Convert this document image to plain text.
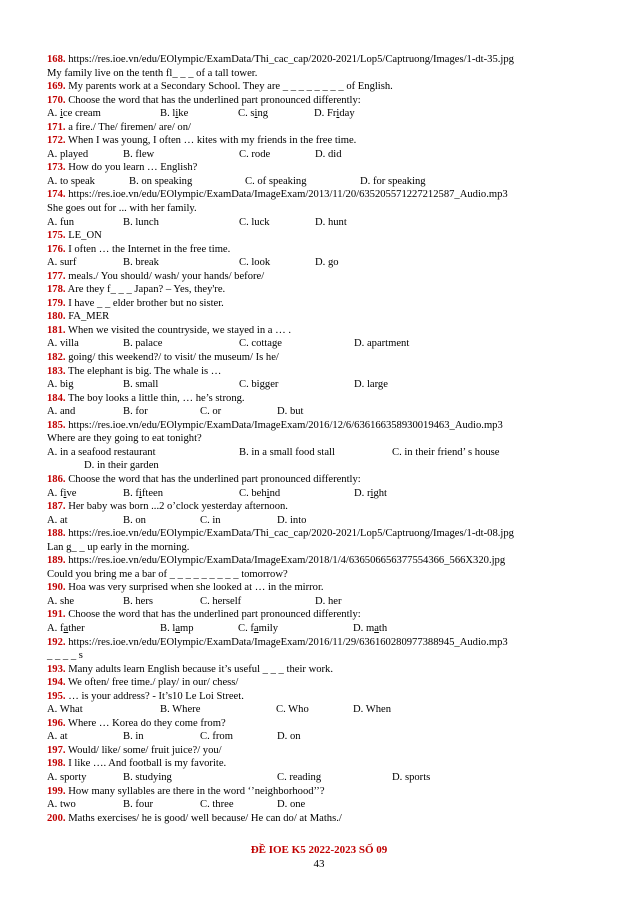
168. https://res.ioe.vn/edu/EOlympic/ExamData/Thi_cac_cap/2020-2021/Lop5/Captruong/Images/1-dt-35.jpg
My family live on the tenth fl_ _ _ of a tall tower.
169. My parents work at a Secondary School. They are _ _ _ _ _ _ _ _ of English.
170. Choose the word that has the underlined part pronounced differently:
A. ice cream	B. like	C. sing	D. Friday
171. a fire./ The/ firemen/ are/ on/
172. When I was young, I often … kites with my friends in the free time.
A. played	B. flew	C. rode	D. did
173. How do you learn … English?
A. to speak	B. on speaking	C. of speaking	D. for speaking
174. https://res.ioe.vn/edu/EOlympic/ExamData/ImageExam/2013/11/20/635205571227212587_Audio.mp3
She goes out for ... with her family.
A. fun	B. lunch	C. luck	D. hunt
175. LE_ON
176. I often … the Internet in the free time.
A. surf	B. break	C. look	D. go
177. meals./ You should/ wash/ your hands/ before/
178. Are they f_ _ _ Japan? – Yes, they're.
179. I have _ _ elder brother but no sister.
180. FA_MER
181. When we visited the countryside, we stayed in a … .
A. villa	B. palace	C. cottage	D. apartment
182. going/ this weekend?/ to visit/ the museum/ Is he/
183. The elephant is big. The whale is …
A. big	B. small	C. bigger	D. large
184. The boy looks a little thin, … he’s strong.
A. and	B. for	C. or	D. but
185. https://res.ioe.vn/edu/EOlympic/ExamData/ImageExam/2016/12/6/636166358930019463_Audio.mp3
Where are they going to eat tonight?
A. in a seafood restaurant	B. in a small food stall	C. in their friend’ s house
D. in their garden
186. Choose the word that has the underlined part pronounced differently:
A. five	B. fifteen	C. behind	D. right
187. Her baby was born ...2 o’clock yesterday afternoon.
A. at	B. on	C. in	D. into
188. https://res.ioe.vn/edu/EOlympic/ExamData/Thi_cac_cap/2020-2021/Lop5/Captruong/Images/1-dt-08.jpg
Lan g_ _ up early in the morning.
189. https://res.ioe.vn/edu/EOlympic/ExamData/ImageExam/2018/1/4/636506656377554366_566X320.jpg
Could you bring me a bar of _ _ _ _ _ _ _ _ _ tomorrow?
190. Hoa was very surprised when she looked at … in the mirror.
A. she	B. hers	C. herself	D. her
191. Choose the word that has the underlined part pronounced differently:
A. father	B. lamp	C. family	D. math
192. https://res.ioe.vn/edu/EOlympic/ExamData/ImageExam/2016/11/29/636160280977388945_Audio.mp3
_ _ _ _ s
193. Many adults learn English because it’s useful _ _ _ their work.
194. We often/ free time./ play/ in our/ chess/
195. … is your address? - It’s10 Le Loi Street.
A. What	B. Where	C. Who	D. When
196. Where … Korea do they come from?
A. at	B. in	C. from	D. on
197. Would/ like/ some/ fruit juice?/ you/
198. I like …. And football is my favorite.
A. sporty	B. studying	C. reading	D. sports
199. How many syllables are there in the word ‘’neighborhood’’?
A. two	B. four	C. three	D. one
200. Maths exercises/ he is good/ well because/ He can do/ at Maths./
ĐỀ IOE K5 2022-2023 SỐ 09
43
